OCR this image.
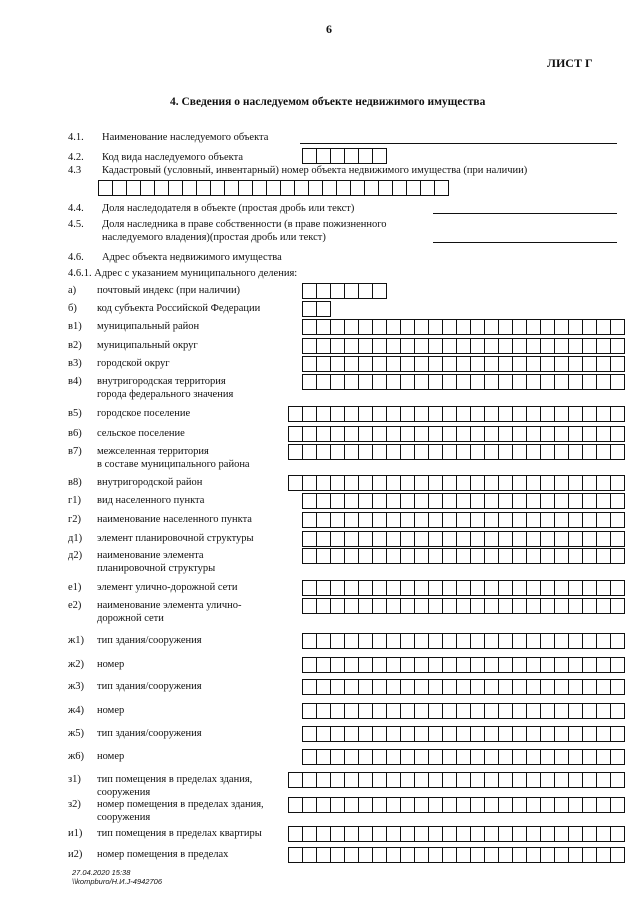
6
ЛИСТ Г
4. Сведения о наследуемом объекте недвижимого имущества
4.1. Наименование наследуемого объекта
4.2. Код вида наследуемого объекта
4.3 Кадастровый (условный, инвентарный) номер объекта недвижимого имущества (при наличии)
4.4. Доля наследодателя в объекте (простая дробь или текст)
4.5. Доля наследника в праве собственности (в праве пожизненного
наследуемого владения)(простая дробь или текст)
4.6. Адрес объекта недвижимого имущества
4.6.1. Адрес с указанием муниципального деления:
а) почтовый индекс (при наличии)
б) код субъекта Российской Федерации
в1) муниципальный район
в2) муниципальный округ
в3) городской округ
в4) внутригородская территория
города федерального значения
в5) городское поселение
в6) сельское поселение
в7) межселенная территория
в составе муниципального района
в8) внутригородской район
г1) вид населенного пункта
г2) наименование населенного пункта
д1) элемент планировочной структуры
д2) наименование элемента
планировочной структуры
е1) элемент улично-дорожной сети
е2) наименование элемента улично-
дорожной сети
ж1) тип здания/сооружения
ж2) номер
ж3) тип здания/сооружения
ж4) номер
ж5) тип здания/сооружения
ж6) номер
з1) тип помещения в пределах здания,
сооружения
з2) номер помещения в пределах здания,
сооружения
и1) тип помещения в пределах квартиры
и2) номер помещения в пределах
27.04.2020 15:38
\\kompburo/Н.И.Ј-4942706
